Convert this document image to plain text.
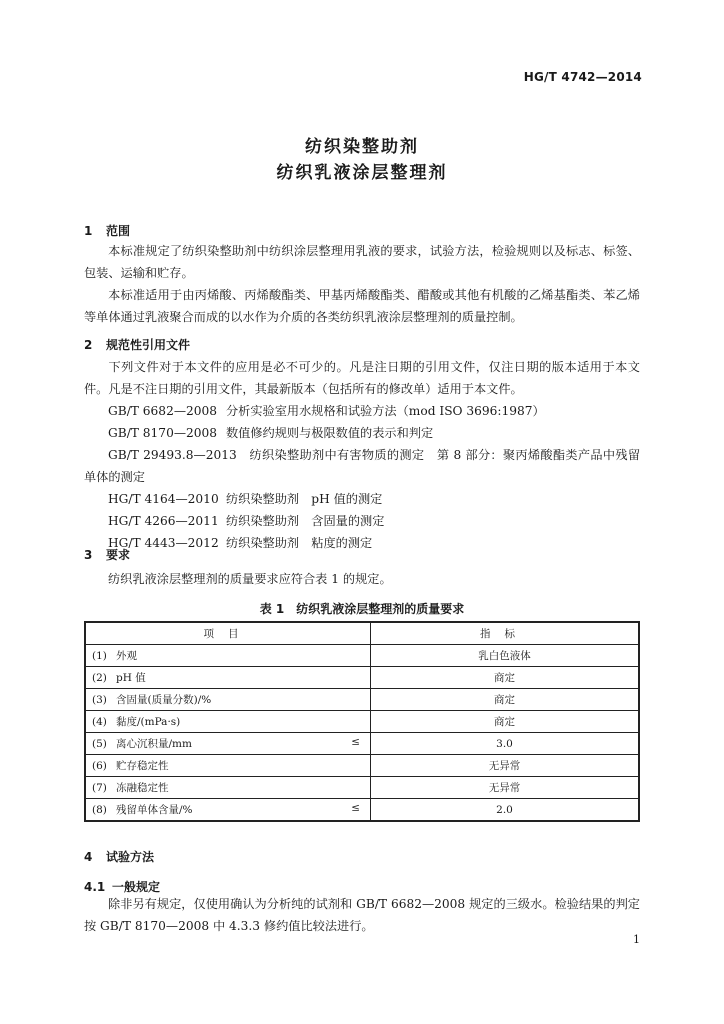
HG/T 4742—2014
纺织染整助剂
纺织乳液涂层整理剂
1 范围
本标准规定了纺织染整助剂中纺织涂层整理用乳液的要求，试验方法，检验规则以及标志、标签、包装、运输和贮存。
本标准适用于由丙烯酸、丙烯酸酯类、甲基丙烯酸酯类、醋酸或其他有机酸的乙烯基酯类、苯乙烯等单体通过乳液聚合而成的以水作为介质的各类纺织乳液涂层整理剂的质量控制。
2 规范性引用文件
下列文件对于本文件的应用是必不可少的。凡是注日期的引用文件，仅注日期的版本适用于本文件。凡是不注日期的引用文件，其最新版本（包括所有的修改单）适用于本文件。
GB/T 6682—2008 分析实验室用水规格和试验方法（mod ISO 3696:1987）
GB/T 8170—2008 数值修约规则与极限数值的表示和判定
GB/T 29493.8—2013　 纺织染整助剂中有害物质的测定　第 8 部分：聚丙烯酸酯类产品中残留单体的测定
HG/T 4164—2010 纺织染整助剂　pH 值的测定
HG/T 4266—2011 纺织染整助剂　含固量的测定
HG/T 4443—2012 纺织染整助剂　粘度的测定
3 要求
纺织乳液涂层整理剂的质量要求应符合表 1 的规定。
表 1　纺织乳液涂层整理剂的质量要求
项目	指标
(1) 外观	乳白色液体
(2) pH 值	商定
(3) 含固量(质量分数)/%	商定
(4) 黏度/(mPa·s)	商定
(5) 离心沉积量/mm ≤	3.0
(6) 贮存稳定性	无异常
(7) 冻融稳定性	无异常
(8) 残留单体含量/% ≤	2.0
4 试验方法
4.1 一般规定
除非另有规定，仅使用确认为分析纯的试剂和 GB/T 6682—2008 规定的三级水。检验结果的判定按 GB/T 8170—2008 中 4.3.3 修约值比较法进行。
1
